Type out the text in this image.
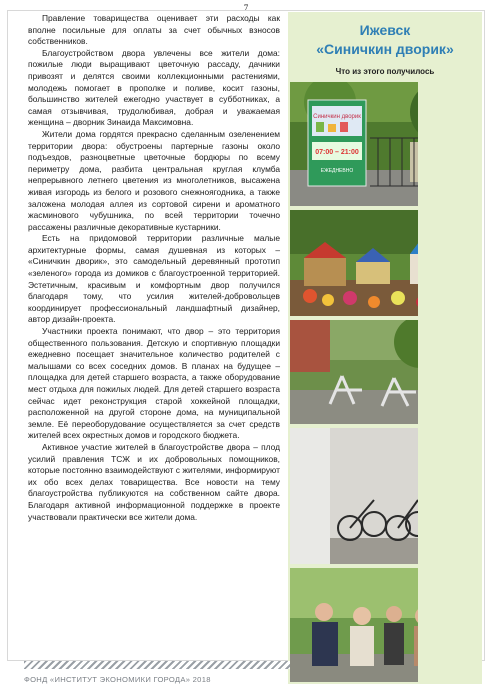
7

Правление товарищества оценивает эти расходы как вполне посильные для оплаты за счет обычных взносов собственников.

Благоустройством двора увлечены все жители дома: пожилые люди выращивают цветочную рассаду, дачники привозят и делятся своими коллекционными растениями, молодежь помогает в прополке и поливе, косит газоны, большинство жителей ежегодно участвует в субботниках, а самая отзывчивая, трудолюбивая, добрая и уважаемая женщина – дворник Зинаида Максимовна.

Жители дома гордятся прекрасно сделанным озеленением территории двора: обустроены партерные газоны около подъездов, разноцветные цветочные бордюры по всему периметру дома, разбита центральная круглая клумба непрерывного летнего цветения из многолетников, высажена живая изгородь из белого и розового снежноягодника, а также заложена молодая аллея из сортовой сирени и ароматного жасминового чубушника, по всей территории точечно рассажены различные декоративные кустарники.

Есть на придомовой территории различные малые архитектурные формы, самая душевная из которых – «Синичкин дворик», это самодельный деревянный прототип «зеленого» города из домиков с благоустроенной территорией. Эстетичным, красивым и комфортным двор получился благодаря тому, что усилия жителей-добровольцев координирует профессиональный ландшафтный дизайнер, автор дизайн-проекта.

Участники проекта понимают, что двор – это территория общественного пользования. Детскую и спортивную площадки ежедневно посещает значительное количество родителей с малышами со всех соседних домов. В планах на будущее – площадка для детей старшего возраста, а также оборудование мест отдыха для пожилых людей. Для детей старшего возраста сейчас идет реконструкция старой хоккейной площадки, расположенной на другой стороне дома, на муниципальной земле. Её переоборудование осуществляется за счет средств жителей всех окрестных домов и городского бюджета.

Активное участие жителей в благоустройстве двора – плод усилий правления ТСЖ и их добровольных помощников, которые постоянно взаимодействуют с жителями, информируют их обо всех делах товарищества. Все новости на тему благоустройства публикуются на собственном сайте двора. Благодаря активной информационной поддержке в проекте участвовали практически все жители дома.

Ижевск
«Синичкин дворик»
Что из этого получилось
Синичкин дворик
07:00 – 21:00
ЕЖЕДНЕВНО
ФОНД «ИНСТИТУТ ЭКОНОМИКИ ГОРОДА» 2018
